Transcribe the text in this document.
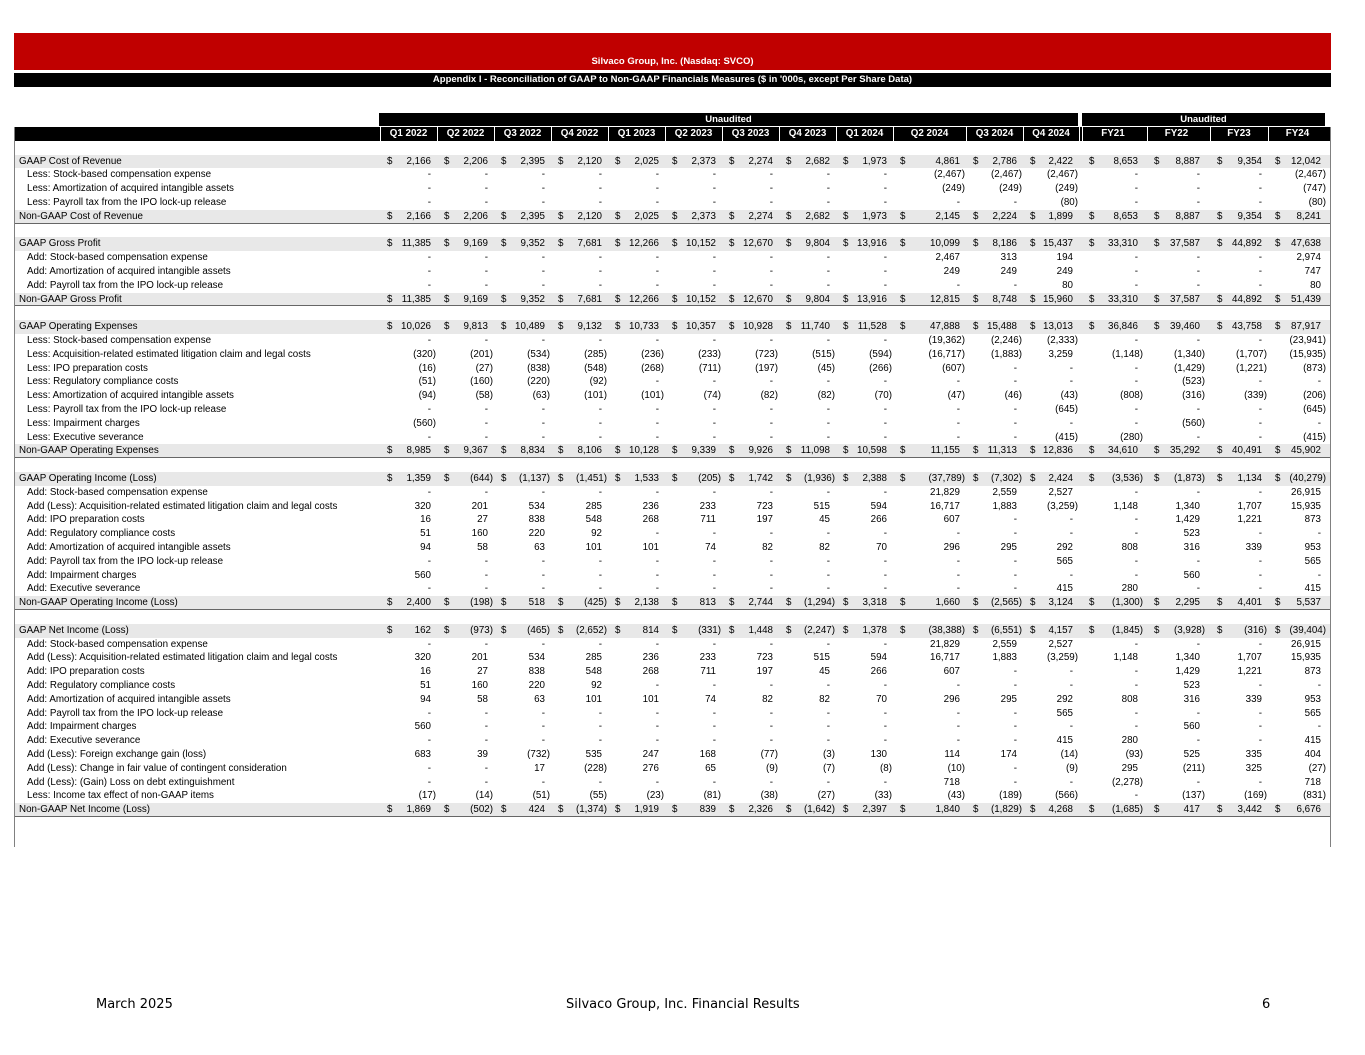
Silvaco Group, Inc. (Nasdaq: SVCO)
Appendix I - Reconciliation of GAAP to Non-GAAP Financials Measures ($ in '000s, except Per Share Data)
Unaudited	Unaudited
Q1 2022	Q2 2022	Q3 2022	Q4 2022	Q1 2023	Q2 2023	Q3 2023	Q4 2023	Q1 2024	Q2 2024	Q3 2024	Q4 2024	FY21	FY22	FY23	FY24
GAAP Cost of Revenue	$	2,166 $	2,206 $	2,395 $	2,120 $	2,025 $	2,373 $	2,274 $	2,682 $	1,973 $	4,861 $	2,786 $	2,422 $	8,653 $	8,887 $	9,354 $	12,042
Less: Stock-based compensation expense	-	-	-	-	-	-	-	-	-	(2,467)	(2,467)	(2,467)	-	-	-	(2,467)
Less: Amortization of acquired intangible assets	-	-	-	-	-	-	-	-	-	(249)	(249)	(249)	-	-	-	(747)
Less: Payroll tax from the IPO lock-up release	-	-	-	-	-	-	-	-	-	-	-	(80)	-	-	-	(80)
Non-GAAP Cost of Revenue	$	2,166 $	2,206 $	2,395 $	2,120 $	2,025 $	2,373 $	2,274 $	2,682 $	1,973 $	2,145 $	2,224 $	1,899 $	8,653 $	8,887 $	9,354 $	8,241
GAAP Gross Profit	$ 11,385 $	9,169 $	9,352 $	7,681 $ 12,266 $ 10,152 $ 12,670 $	9,804 $ 13,916 $	10,099 $	8,186 $ 15,437 $	33,310 $	37,587 $ 44,892 $	47,638
Add: Stock-based compensation expense	-	-	-	-	-	-	-	-	-	2,467	313	194	-	-	-	2,974
Add: Amortization of acquired intangible assets	-	-	-	-	-	-	-	-	-	249	249	249	-	-	-	747
Add: Payroll tax from the IPO lock-up release	-	-	-	-	-	-	-	-	-	-	-	80	-	-	-	80
Non-GAAP Gross Profit	$ 11,385 $	9,169 $	9,352 $	7,681 $ 12,266 $ 10,152 $ 12,670 $	9,804 $ 13,916 $	12,815 $	8,748 $ 15,960 $	33,310 $	37,587 $ 44,892 $	51,439
GAAP Operating Expenses	$ 10,026 $	9,813 $ 10,489 $	9,132 $ 10,733 $ 10,357 $ 10,928 $ 11,740 $ 11,528 $	47,888 $ 15,488 $ 13,013 $	36,846 $	39,460 $ 43,758 $	87,917
Less: Stock-based compensation expense	-	-	-	-	-	-	-	-	-	(19,362)	(2,246)	(2,333)	-	-	-	(23,941)
Less: Acquisition-related estimated litigation claim and legal costs	(320)	(201)	(534)	(285)	(236)	(233)	(723)	(515)	(594)	(16,717)	(1,883)	3,259	(1,148)	(1,340)	(1,707)	(15,935)
Less: IPO preparation costs	(16)	(27)	(838)	(548)	(268)	(711)	(197)	(45)	(266)	(607)	-	-	-	(1,429)	(1,221)	(873)
Less: Regulatory compliance costs	(51)	(160)	(220)	(92)	-	-	-	-	-	-	-	-	-	(523)	-	-
Less: Amortization of acquired intangible assets	(94)	(58)	(63)	(101)	(101)	(74)	(82)	(82)	(70)	(47)	(46)	(43)	(808)	(316)	(339)	(206)
Less: Payroll tax from the IPO lock-up release	-	-	-	-	-	-	-	-	-	-	-	(645)	-	-	-	(645)
Less: Impairment charges	(560)	-	-	-	-	-	-	-	-	-	-	-	-	(560)	-	-
Less: Executive severance	-	-	-	-	-	-	-	-	-	-	-	(415)	(280)	-	-	(415)
Non-GAAP Operating Expenses	$	8,985 $	9,367 $	8,834 $	8,106 $ 10,128 $	9,339 $	9,926 $ 11,098 $ 10,598 $	11,155 $ 11,313 $ 12,836 $	34,610 $	35,292 $ 40,491 $	45,902
GAAP Operating Income (Loss)	$	1,359 $	(644) $	(1,137) $	(1,451) $	1,533 $	(205) $	1,742 $	(1,936) $	2,388 $	(37,789) $	(7,302) $	2,424 $	(3,536) $	(1,873) $	1,134 $ (40,279)
Add: Stock-based compensation expense	-	-	-	-	-	-	-	-	-	21,829	2,559	2,527	-	-	-	26,915
Add (Less): Acquisition-related estimated litigation claim and legal costs	320	201	534	285	236	233	723	515	594	16,717	1,883	(3,259)	1,148	1,340	1,707	15,935
Add: IPO preparation costs	16	27	838	548	268	711	197	45	266	607	-	-	-	1,429	1,221	873
Add: Regulatory compliance costs	51	160	220	92	-	-	-	-	-	-	-	-	-	523	-	-
Add: Amortization of acquired intangible assets	94	58	63	101	101	74	82	82	70	296	295	292	808	316	339	953
Add: Payroll tax from the IPO lock-up release	-	-	-	-	-	-	-	-	-	-	-	565	-	-	-	565
Add: Impairment charges	560	-	-	-	-	-	-	-	-	-	-	-	-	560	-	-
Add: Executive severance	-	-	-	-	-	-	-	-	-	-	-	415	280	-	-	415
Non-GAAP Operating Income (Loss)	$	2,400 $	(198) $	518 $	(425) $	2,138 $	813 $	2,744 $	(1,294) $	3,318 $	1,660 $	(2,565) $	3,124 $	(1,300) $	2,295 $	4,401 $	5,537
GAAP Net Income (Loss)	$	162 $	(973) $	(465) $	(2,652) $	814 $	(331) $	1,448 $	(2,247) $	1,378 $	(38,388) $	(6,551) $	4,157 $	(1,845) $	(3,928) $	(316) $ (39,404)
Add: Stock-based compensation expense	-	-	-	-	-	-	-	-	-	21,829	2,559	2,527	-	-	-	26,915
Add (Less): Acquisition-related estimated litigation claim and legal costs	320	201	534	285	236	233	723	515	594	16,717	1,883	(3,259)	1,148	1,340	1,707	15,935
Add: IPO preparation costs	16	27	838	548	268	711	197	45	266	607	-	-	-	1,429	1,221	873
Add: Regulatory compliance costs	51	160	220	92	-	-	-	-	-	-	-	-	-	523	-	-
Add: Amortization of acquired intangible assets	94	58	63	101	101	74	82	82	70	296	295	292	808	316	339	953
Add: Payroll tax from the IPO lock-up release	-	-	-	-	-	-	-	-	-	-	-	565	-	-	-	565
Add: Impairment charges	560	-	-	-	-	-	-	-	-	-	-	-	-	560	-	-
Add: Executive severance	-	-	-	-	-	-	-	-	-	-	-	415	280	-	-	415
Add (Less): Foreign exchange gain (loss)	683	39	(732)	535	247	168	(77)	(3)	130	114	174	(14)	(93)	525	335	404
Add (Less): Change in fair value of contingent consideration	-	-	17	(228)	276	65	(9)	(7)	(8)	(10)	-	(9)	295	(211)	325	(27)
Add (Less): (Gain) Loss on debt extinguishment	-	-	-	-	-	-	-	-	-	718	-	-	(2,278)	-	-	718
Less: Income tax effect of non-GAAP items	(17)	(14)	(51)	(55)	(23)	(81)	(38)	(27)	(33)	(43)	(189)	(566)	-	(137)	(169)	(831)
Non-GAAP Net Income (Loss)	$	1,869 $	(502) $	424 $	(1,374) $	1,919 $	839 $	2,326 $	(1,642) $	2,397 $	1,840 $	(1,829) $	4,268 $	(1,685) $	417 $	3,442 $	6,676
March 2025	Silvaco Group, Inc. Financial Results	6
